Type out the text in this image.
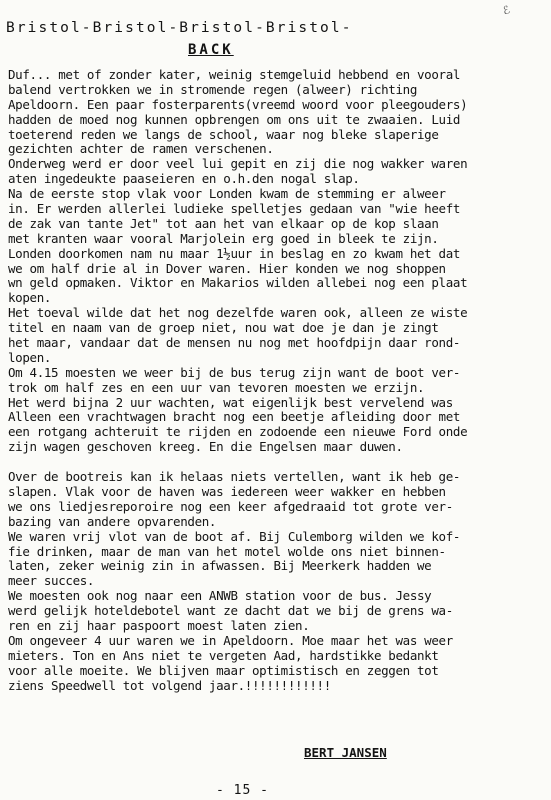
ℰ
Bristol-Bristol-Bristol-Bristol-
BACK
Duf... met of zonder kater, weinig stemgeluid hebbend en vooral
balend vertrokken we in stromende regen (alweer) richting
Apeldoorn. Een paar fosterparents(vreemd woord voor pleegouders)
hadden de moed nog kunnen opbrengen om ons uit te zwaaien. Luid
toeterend reden we langs de school, waar nog bleke slaperige
gezichten achter de ramen verschenen.
Onderweg werd er door veel lui gepit en zij die nog wakker waren
aten ingedeukte paaseieren en o.h.den nogal slap.
Na de eerste stop vlak voor Londen kwam de stemming er alweer
in. Er werden allerlei ludieke spelletjes gedaan van "wie heeft
de zak van tante Jet" tot aan het van elkaar op de kop slaan
met kranten waar vooral Marjolein erg goed in bleek te zijn.
Londen doorkomen nam nu maar 1½uur in beslag en zo kwam het dat
we om half drie al in Dover waren. Hier konden we nog shoppen
wn geld opmaken. Viktor en Makarios wilden allebei nog een plaat
kopen.
Het toeval wilde dat het nog dezelfde waren ook, alleen ze wiste
titel en naam van de groep niet, nou wat doe je dan je zingt
het maar, vandaar dat de mensen nu nog met hoofdpijn daar rond-
lopen.
Om 4.15 moesten we weer bij de bus terug zijn want de boot ver-
trok om half zes en een uur van tevoren moesten we erzijn.
Het werd bijna 2 uur wachten, wat eigenlijk best vervelend was
Alleen een vrachtwagen bracht nog een beetje afleiding door met
een rotgang achteruit te rijden en zodoende een nieuwe Ford onde
zijn wagen geschoven kreeg. En die Engelsen maar duwen.
Over de bootreis kan ik helaas niets vertellen, want ik heb ge-
slapen. Vlak voor de haven was iedereen weer wakker en hebben
we ons liedjesreporoire nog een keer afgedraaid tot grote ver-
bazing van andere opvarenden.
We waren vrij vlot van de boot af. Bij Culemborg wilden we kof-
fie drinken, maar de man van het motel wolde ons niet binnen-
laten, zeker weinig zin in afwassen. Bij Meerkerk hadden we
meer succes.
We moesten ook nog naar een ANWB station voor de bus. Jessy
werd gelijk hoteldebotel want ze dacht dat we bij de grens wa-
ren en zij haar paspoort moest laten zien.
Om ongeveer 4 uur waren we in Apeldoorn. Moe maar het was weer
mieters. Ton en Ans niet te vergeten Aad, hardstikke bedankt
voor alle moeite. We blijven maar optimistisch en zeggen tot
ziens Speedwell tot volgend jaar.!!!!!!!!!!!!
BERT JANSEN
- 15 -
